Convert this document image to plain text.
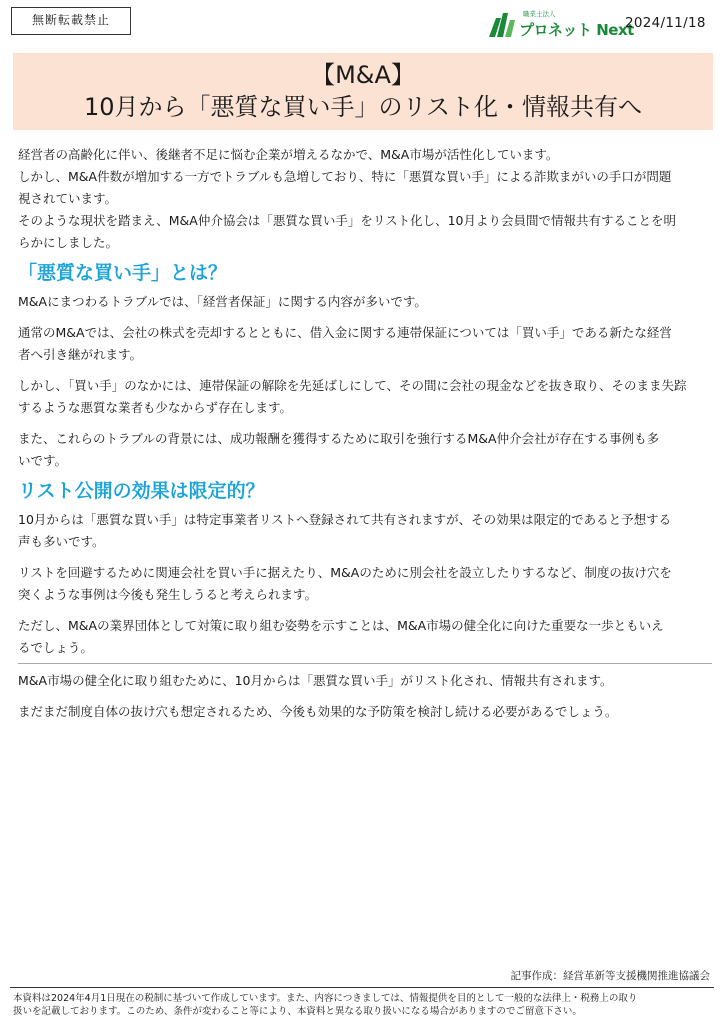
無断転載禁止	職業士法人
プロネット Next
2024/11/18
【M&A】
10月から「悪質な買い手」のリスト化・情報共有へ

経営者の高齢化に伴い、後継者不足に悩む企業が増えるなかで、M&A市場が活性化しています。

しかし、M&A件数が増加する一方でトラブルも急増しており、特に「悪質な買い手」による詐欺まがいの手口が問題

視されています。

そのような現状を踏まえ、M&A仲介協会は「悪質な買い手」をリスト化し、10月より会員間で情報共有することを明

らかにしました。

「悪質な買い手」とは？

M&Aにまつわるトラブルでは、「経営者保証」に関する内容が多いです。

通常のM&Aでは、会社の株式を売却するとともに、借入金に関する連帯保証については「買い手」である新たな経営

者へ引き継がれます。

しかし、「買い手」のなかには、連帯保証の解除を先延ばしにして、その間に会社の現金などを抜き取り、そのまま失踪

するような悪質な業者も少なからず存在します。

また、これらのトラブルの背景には、成功報酬を獲得するために取引を強行するM&A仲介会社が存在する事例も多

いです。

リスト公開の効果は限定的？

10月からは「悪質な買い手」は特定事業者リストへ登録されて共有されますが、その効果は限定的であると予想する

声も多いです。

リストを回避するために関連会社を買い手に据えたり、M&Aのために別会社を設立したりするなど、制度の抜け穴を

突くような事例は今後も発生しうると考えられます。

ただし、M&Aの業界団体として対策に取り組む姿勢を示すことは、M&A市場の健全化に向けた重要な一歩ともいえ

るでしょう。

M&A市場の健全化に取り組むために、10月からは「悪質な買い手」がリスト化され、情報共有されます。

まだまだ制度自体の抜け穴も想定されるため、今後も効果的な予防策を検討し続ける必要があるでしょう。

記事作成：経営革新等支援機関推進協議会

本資料は2024年4月1日現在の税制に基づいて作成しています。また、内容につきましては、情報提供を目的として一般的な法律上・税務上の取り

扱いを記載しております。このため、条件が変わること等により、本資料と異なる取り扱いになる場合がありますのでご留意下さい。
